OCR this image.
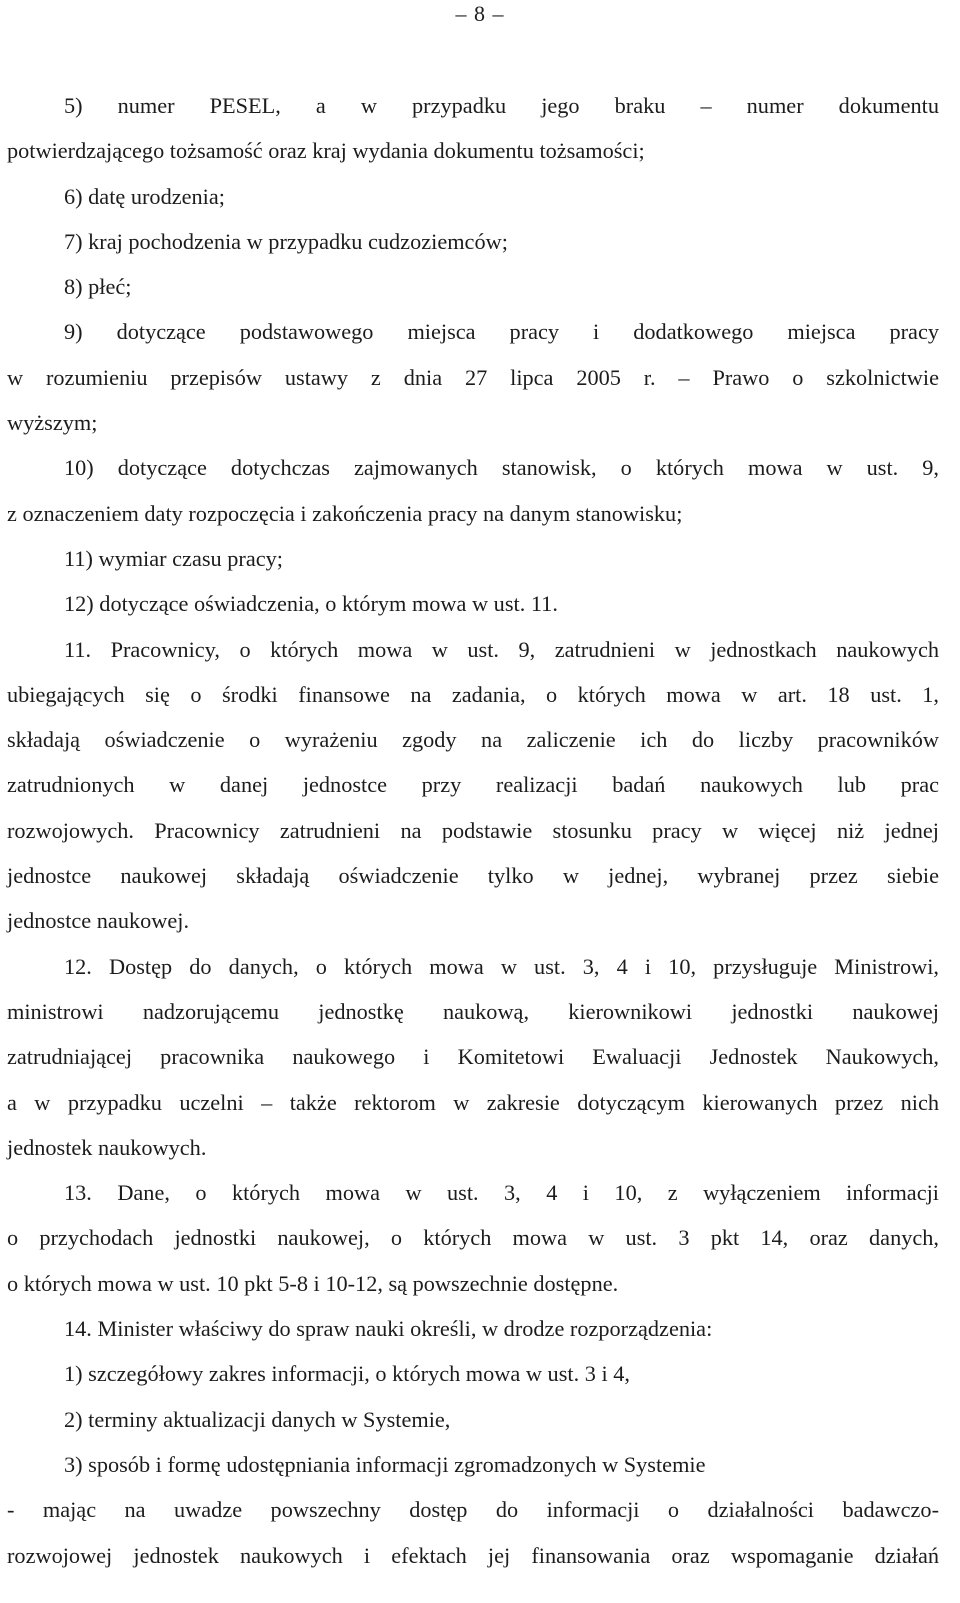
– 8 –
5) numer PESEL, a w przypadku jego braku – numer dokumentu
potwierdzającego tożsamość oraz kraj wydania dokumentu tożsamości;
6) datę urodzenia;
7) kraj pochodzenia w przypadku cudzoziemców;
8) płeć;
9) dotyczące podstawowego miejsca pracy i dodatkowego miejsca pracy
w rozumieniu przepisów ustawy z dnia 27 lipca 2005 r. – Prawo o szkolnictwie
wyższym;
10) dotyczące dotychczas zajmowanych stanowisk, o których mowa w ust. 9,
z oznaczeniem daty rozpoczęcia i zakończenia pracy na danym stanowisku;
11) wymiar czasu pracy;
12) dotyczące oświadczenia, o którym mowa w ust. 11.
11. Pracownicy, o których mowa w ust. 9, zatrudnieni w jednostkach naukowych
ubiegających się o środki finansowe na zadania, o których mowa w art. 18 ust. 1,
składają oświadczenie o wyrażeniu zgody na zaliczenie ich do liczby pracowników
zatrudnionych w danej jednostce przy realizacji badań naukowych lub prac
rozwojowych. Pracownicy zatrudnieni na podstawie stosunku pracy w więcej niż jednej
jednostce naukowej składają oświadczenie tylko w jednej, wybranej przez siebie
jednostce naukowej.
12. Dostęp do danych, o których mowa w ust. 3, 4 i 10, przysługuje Ministrowi,
ministrowi nadzorującemu jednostkę naukową, kierownikowi jednostki naukowej
zatrudniającej pracownika naukowego i Komitetowi Ewaluacji Jednostek Naukowych,
a w przypadku uczelni – także rektorom w zakresie dotyczącym kierowanych przez nich
jednostek naukowych.
13. Dane, o których mowa w ust. 3, 4 i 10, z wyłączeniem informacji
o przychodach jednostki naukowej, o których mowa w ust. 3 pkt 14, oraz danych,
o których mowa w ust. 10 pkt 5-8 i 10-12, są powszechnie dostępne.
14. Minister właściwy do spraw nauki określi, w drodze rozporządzenia:
1) szczegółowy zakres informacji, o których mowa w ust. 3 i 4,
2) terminy aktualizacji danych w Systemie,
3) sposób i formę udostępniania informacji zgromadzonych w Systemie
- mając na uwadze powszechny dostęp do informacji o działalności badawczo-
rozwojowej jednostek naukowych i efektach jej finansowania oraz wspomaganie działań
